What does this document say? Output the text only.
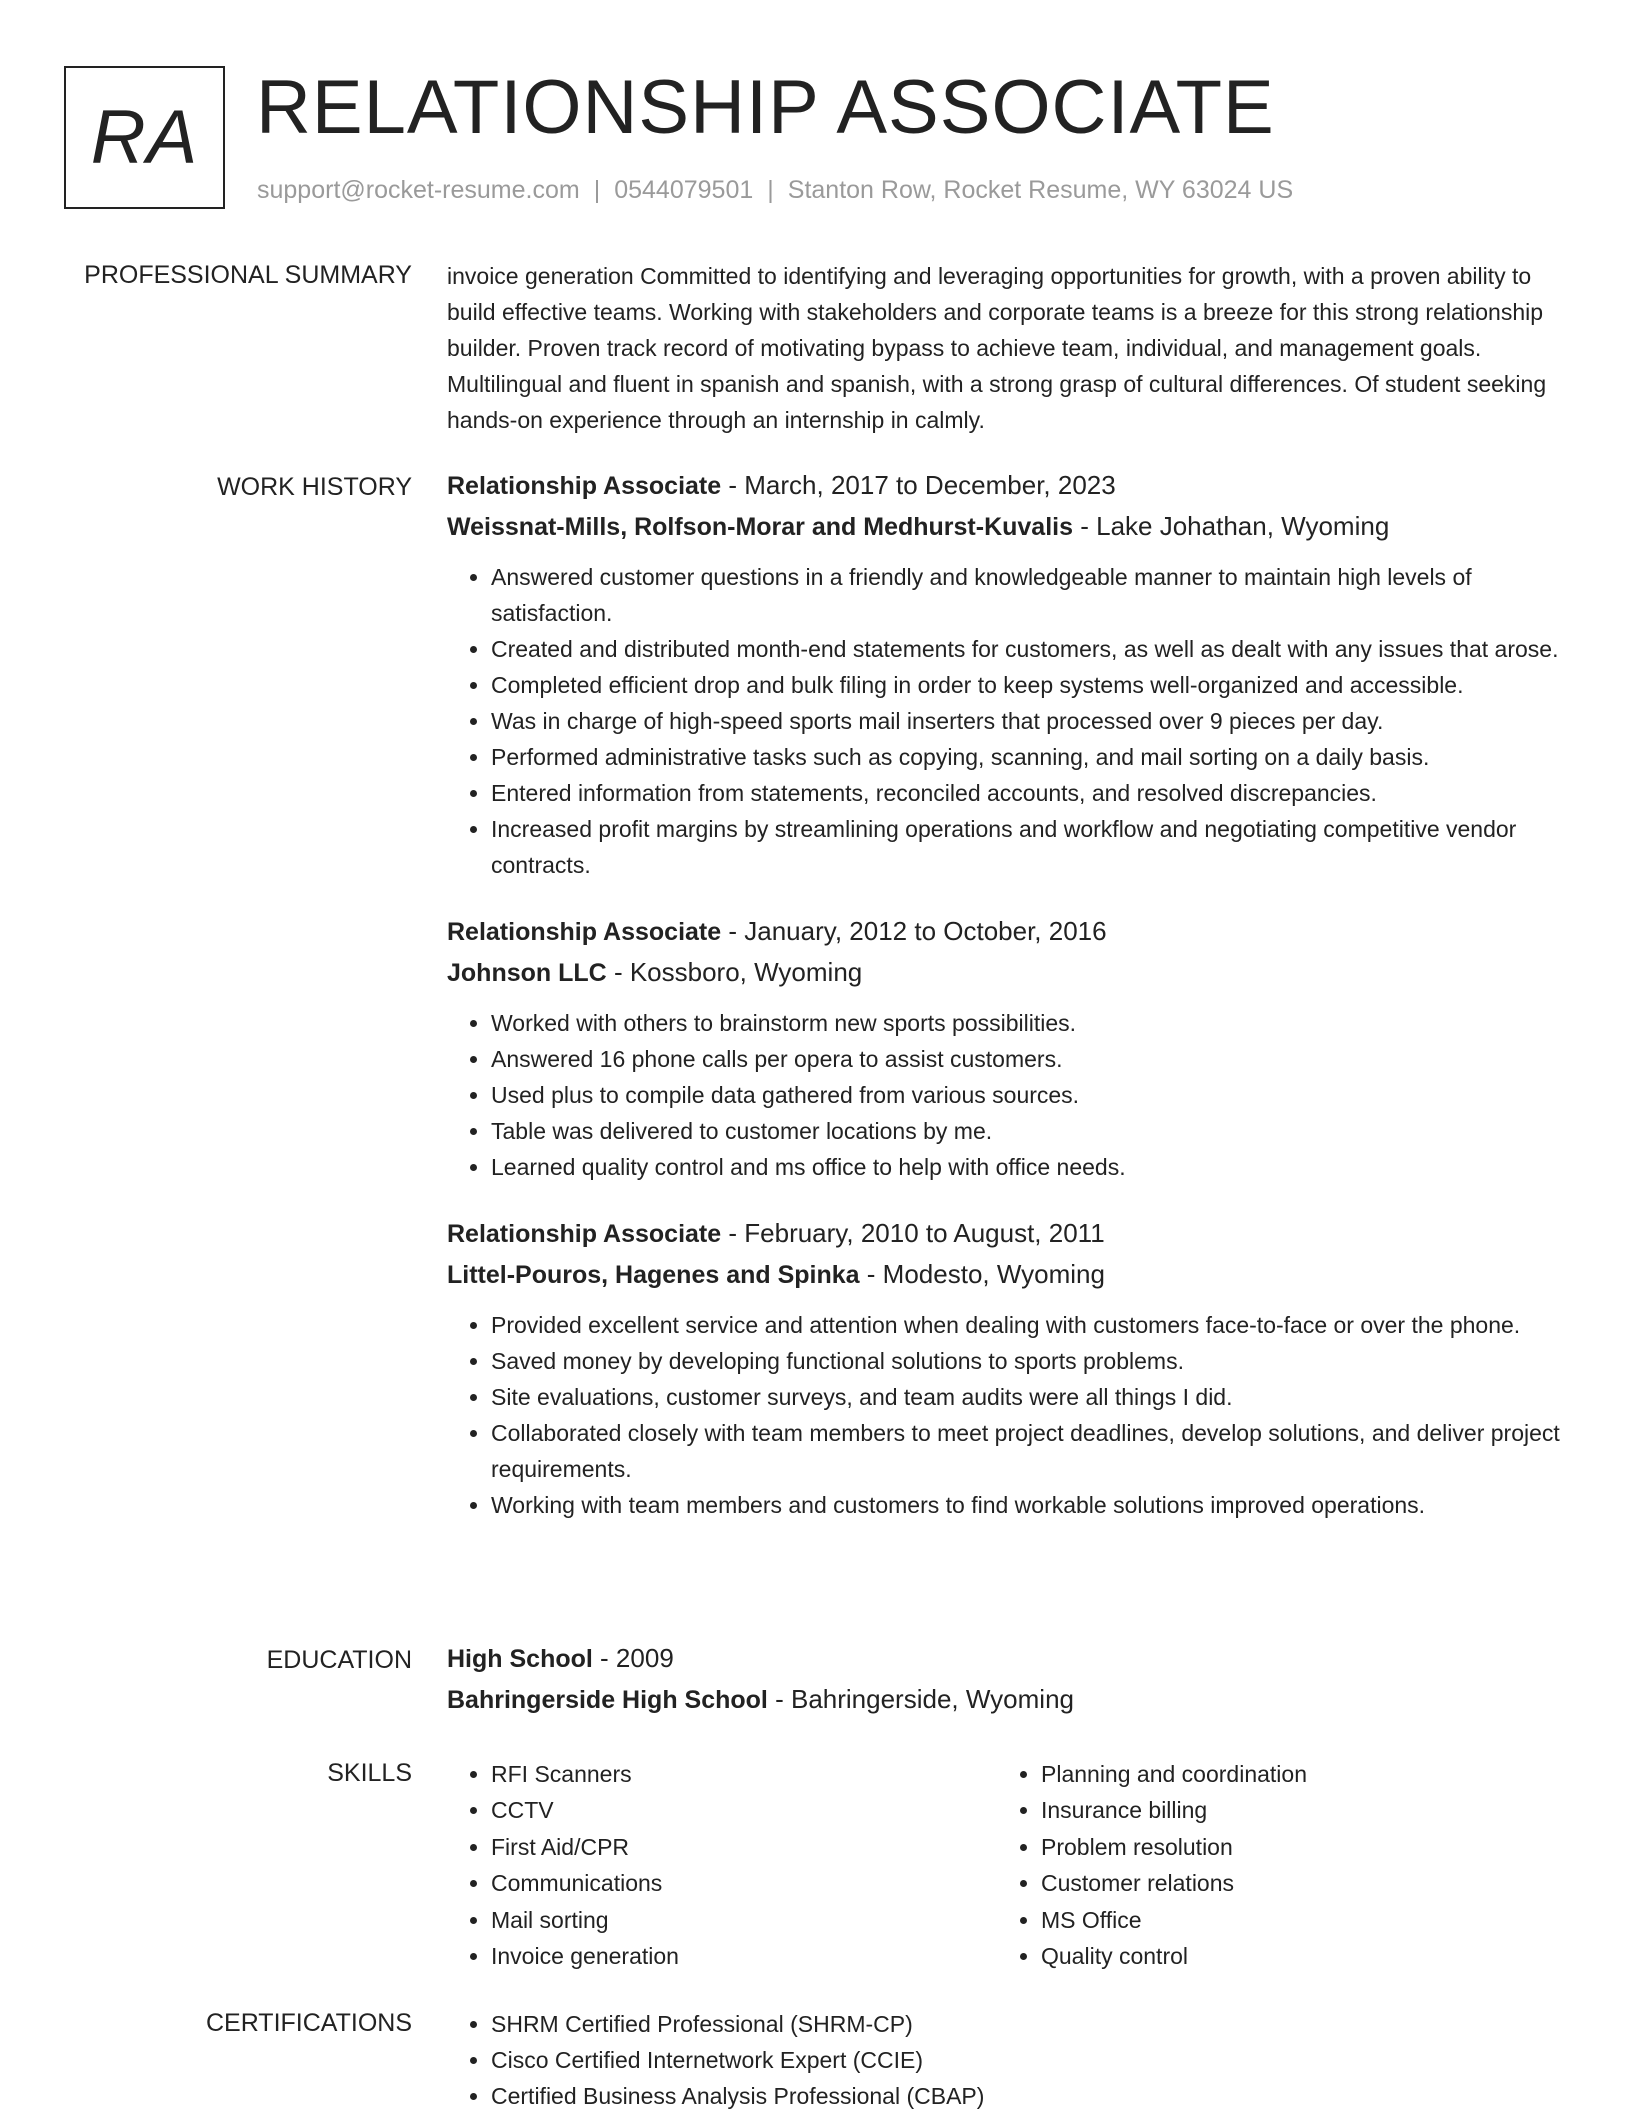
RA RELATIONSHIP ASSOCIATE
support@rocket-resume.com | 0544079501 | Stanton Row, Rocket Resume, WY 63024 US
PROFESSIONAL SUMMARY invoice generation Committed to identifying and leveraging opportunities for growth, with a proven ability to build effective teams. Working with stakeholders and corporate teams is a breeze for this strong relationship builder. Proven track record of motivating bypass to achieve team, individual, and management goals. Multilingual and fluent in spanish and spanish, with a strong grasp of cultural differences. Of student seeking hands-on experience through an internship in calmly.

WORK HISTORY Relationship Associate - March, 2017 to December, 2023
Weissnat-Mills, Rolfson-Morar and Medhurst-Kuvalis - Lake Johathan, Wyoming
• Answered customer questions in a friendly and knowledgeable manner to maintain high levels of satisfaction.
• Created and distributed month-end statements for customers, as well as dealt with any issues that arose.
• Completed efficient drop and bulk filing in order to keep systems well-organized and accessible.
• Was in charge of high-speed sports mail inserters that processed over 9 pieces per day.
• Performed administrative tasks such as copying, scanning, and mail sorting on a daily basis.
• Entered information from statements, reconciled accounts, and resolved discrepancies.
• Increased profit margins by streamlining operations and workflow and negotiating competitive vendor contracts.
Relationship Associate - January, 2012 to October, 2016
Johnson LLC - Kossboro, Wyoming
• Worked with others to brainstorm new sports possibilities.
• Answered 16 phone calls per opera to assist customers.
• Used plus to compile data gathered from various sources.
• Table was delivered to customer locations by me.
• Learned quality control and ms office to help with office needs.
Relationship Associate - February, 2010 to August, 2011
Littel-Pouros, Hagenes and Spinka - Modesto, Wyoming
• Provided excellent service and attention when dealing with customers face-to-face or over the phone.
• Saved money by developing functional solutions to sports problems.
• Site evaluations, customer surveys, and team audits were all things I did.
• Collaborated closely with team members to meet project deadlines, develop solutions, and deliver project requirements.
• Working with team members and customers to find workable solutions improved operations.
EDUCATION High School - 2009
Bahringerside High School - Bahringerside, Wyoming
SKILLS	• RFI Scanners
• CCTV
• First Aid/CPR
• Communications
• Mail sorting
• Invoice generation
• Planning and coordination
• Insurance billing
• Problem resolution
• Customer relations
• MS Office
• Quality control
CERTIFICATIONS	• SHRM Certified Professional (SHRM-CP)
• Cisco Certified Internetwork Expert (CCIE)
• Certified Business Analysis Professional (CBAP)
